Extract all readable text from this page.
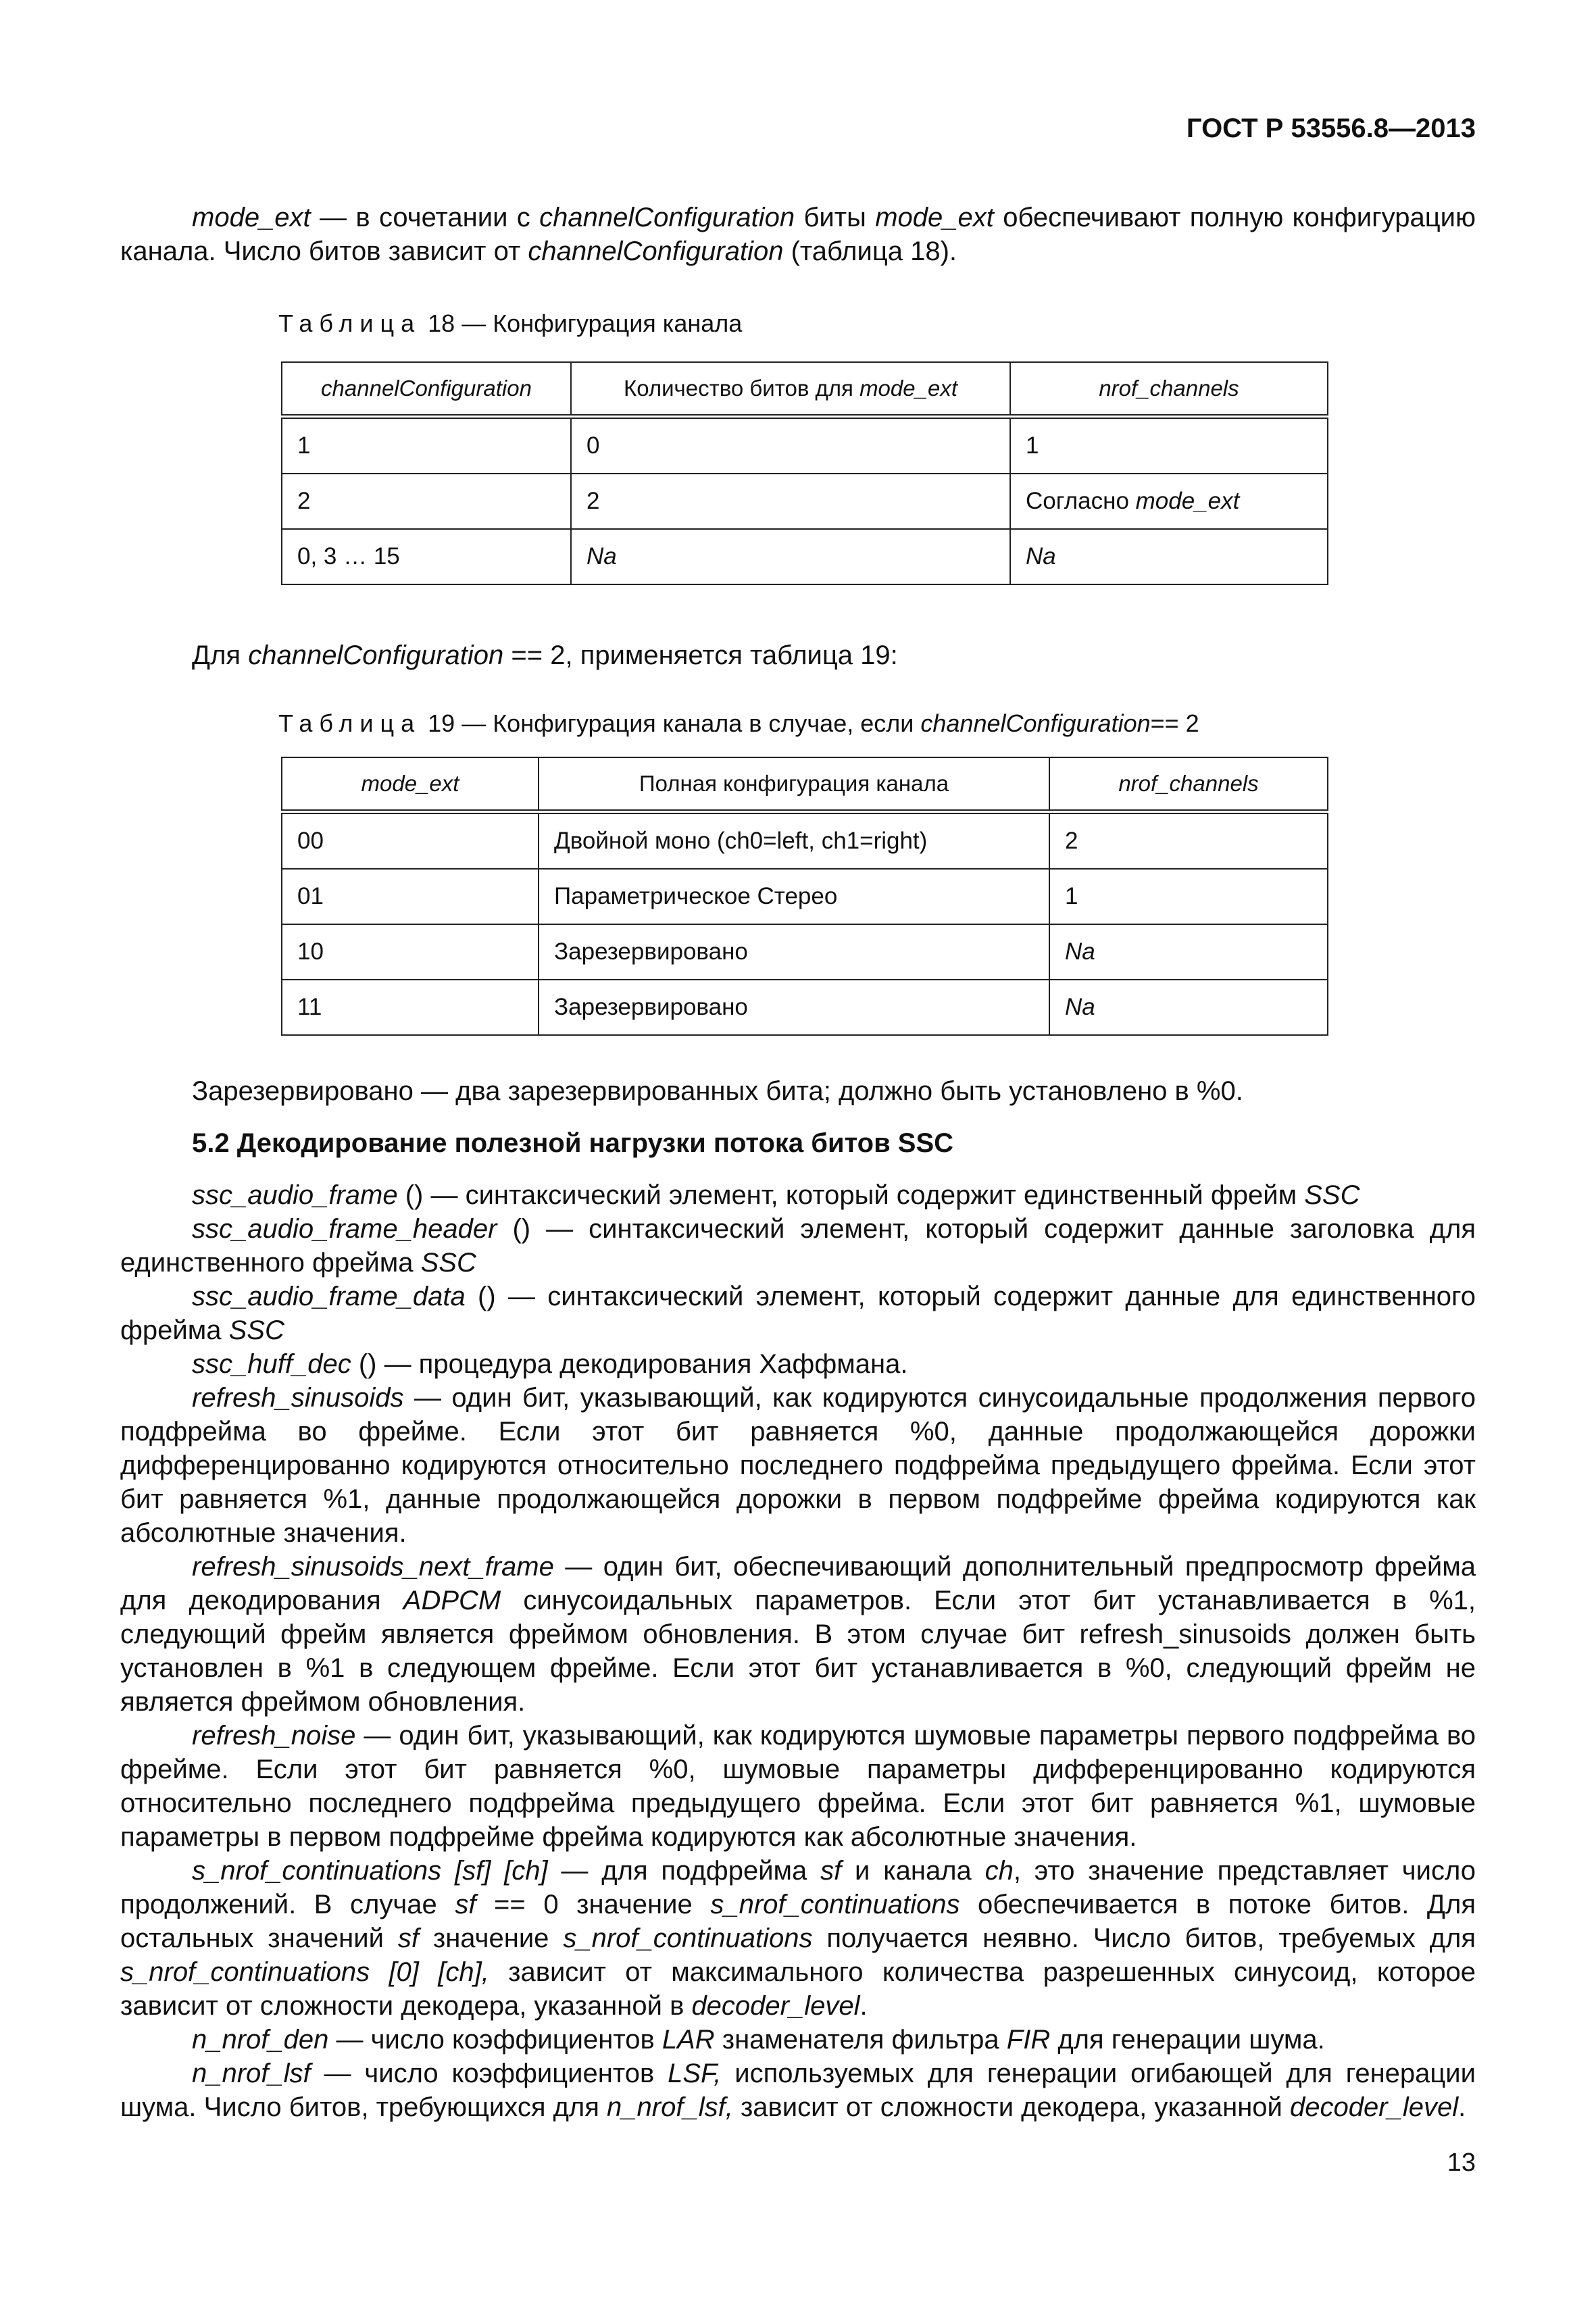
ГОСТ Р 53556.8—2013
mode_ext — в сочетании с channelConfiguration биты mode_ext обеспечивают полную конфигурацию канала. Число битов зависит от channelConfiguration (таблица 18).
Таблица 18 — Конфигурация канала
channelConfiguration	Количество битов для mode_ext	nrof_channels
1	0	1
2	2	Согласно mode_ext
0, 3 … 15	Na	Na
Для channelConfiguration == 2, применяется таблица 19:
Таблица 19 — Конфигурация канала в случае, если channelConfiguration== 2
mode_ext	Полная конфигурация канала	nrof_channels
00	Двойной моно (ch0=left, ch1=right)	2
01	Параметрическое Стерео	1
10	Зарезервировано	Na
11	Зарезервировано	Na
Зарезервировано — два зарезервированных бита; должно быть установлено в %0.
5.2 Декодирование полезной нагрузки потока битов SSC
ssc_audio_frame () — синтаксический элемент, который содержит единственный фрейм SSC
ssc_audio_frame_header () — синтаксический элемент, который содержит данные заголовка для единственного фрейма SSC
ssc_audio_frame_data () — синтаксический элемент, который содержит данные для единственного фрейма SSC
ssc_huff_dec () — процедура декодирования Хаффмана.
refresh_sinusoids — один бит, указывающий, как кодируются синусоидальные продолжения первого подфрейма во фрейме. Если этот бит равняется %0, данные продолжающейся дорожки дифференцированно кодируются относительно последнего подфрейма предыдущего фрейма. Если этот бит равняется %1, данные продолжающейся дорожки в первом подфрейме фрейма кодируются как абсолютные значения.
refresh_sinusoids_next_frame — один бит, обеспечивающий дополнительный предпросмотр фрейма для декодирования ADPCM синусоидальных параметров. Если этот бит устанавливается в %1, следующий фрейм является фреймом обновления. В этом случае бит refresh_sinusoids должен быть установлен в %1 в следующем фрейме. Если этот бит устанавливается в %0, следующий фрейм не является фреймом обновления.
refresh_noise — один бит, указывающий, как кодируются шумовые параметры первого подфрейма во фрейме. Если этот бит равняется %0, шумовые параметры дифференцированно кодируются относительно последнего подфрейма предыдущего фрейма. Если этот бит равняется %1, шумовые параметры в первом подфрейме фрейма кодируются как абсолютные значения.
s_nrof_continuations [sf] [ch] — для подфрейма sf и канала ch, это значение представляет число продолжений. В случае sf == 0 значение s_nrof_continuations обеспечивается в потоке битов. Для остальных значений sf значение s_nrof_continuations получается неявно. Число битов, требуемых для s_nrof_continuations [0] [ch], зависит от максимального количества разрешенных синусоид, которое зависит от сложности декодера, указанной в decoder_level.
n_nrof_den — число коэффициентов LAR знаменателя фильтра FIR для генерации шума.
n_nrof_lsf — число коэффициентов LSF, используемых для генерации огибающей для генерации шума. Число битов, требующихся для n_nrof_lsf, зависит от сложности декодера, указанной decoder_level.
13
